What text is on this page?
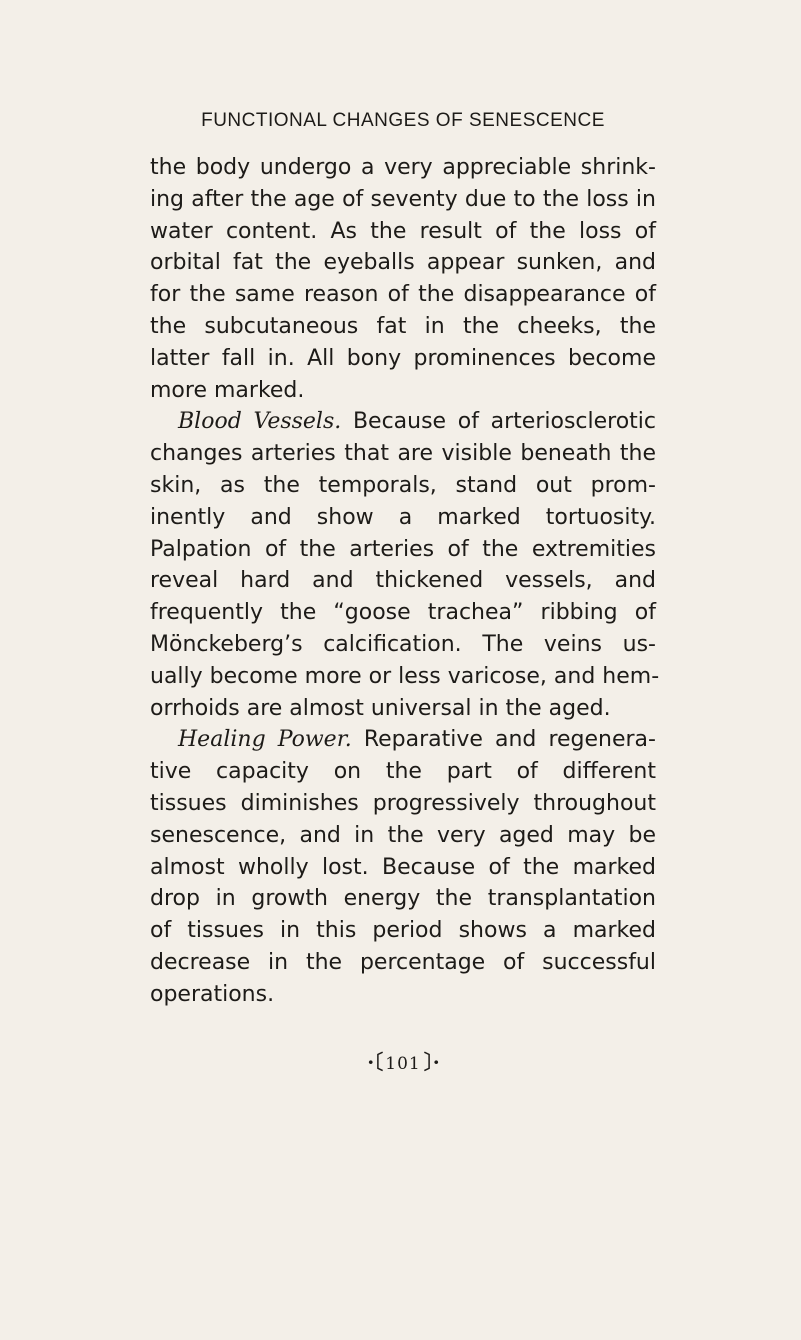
FUNCTIONAL CHANGES OF SENESCENCE
the body undergo a very appreciable shrink-
ing after the age of seventy due to the loss in
water content. As the result of the loss of
orbital fat the eyeballs appear sunken, and
for the same reason of the disappearance of
the subcutaneous fat in the cheeks, the
latter fall in. All bony prominences become
more marked.
Blood Vessels. Because of arteriosclerotic
changes arteries that are visible beneath the
skin, as the temporals, stand out prom-
inently and show a marked tortuosity.
Palpation of the arteries of the extremities
reveal hard and thickened vessels, and
frequently the “goose trachea” ribbing of
Mönckeberg’s calcification. The veins us-
ually become more or less varicose, and hem-
orrhoids are almost universal in the aged.
Healing Power. Reparative and regenera-
tive capacity on the part of different
tissues diminishes progressively throughout
senescence, and in the very aged may be
almost wholly lost. Because of the marked
drop in growth energy the transplantation
of tissues in this period shows a marked
decrease in the percentage of successful
operations.
·〔 101 〕·
